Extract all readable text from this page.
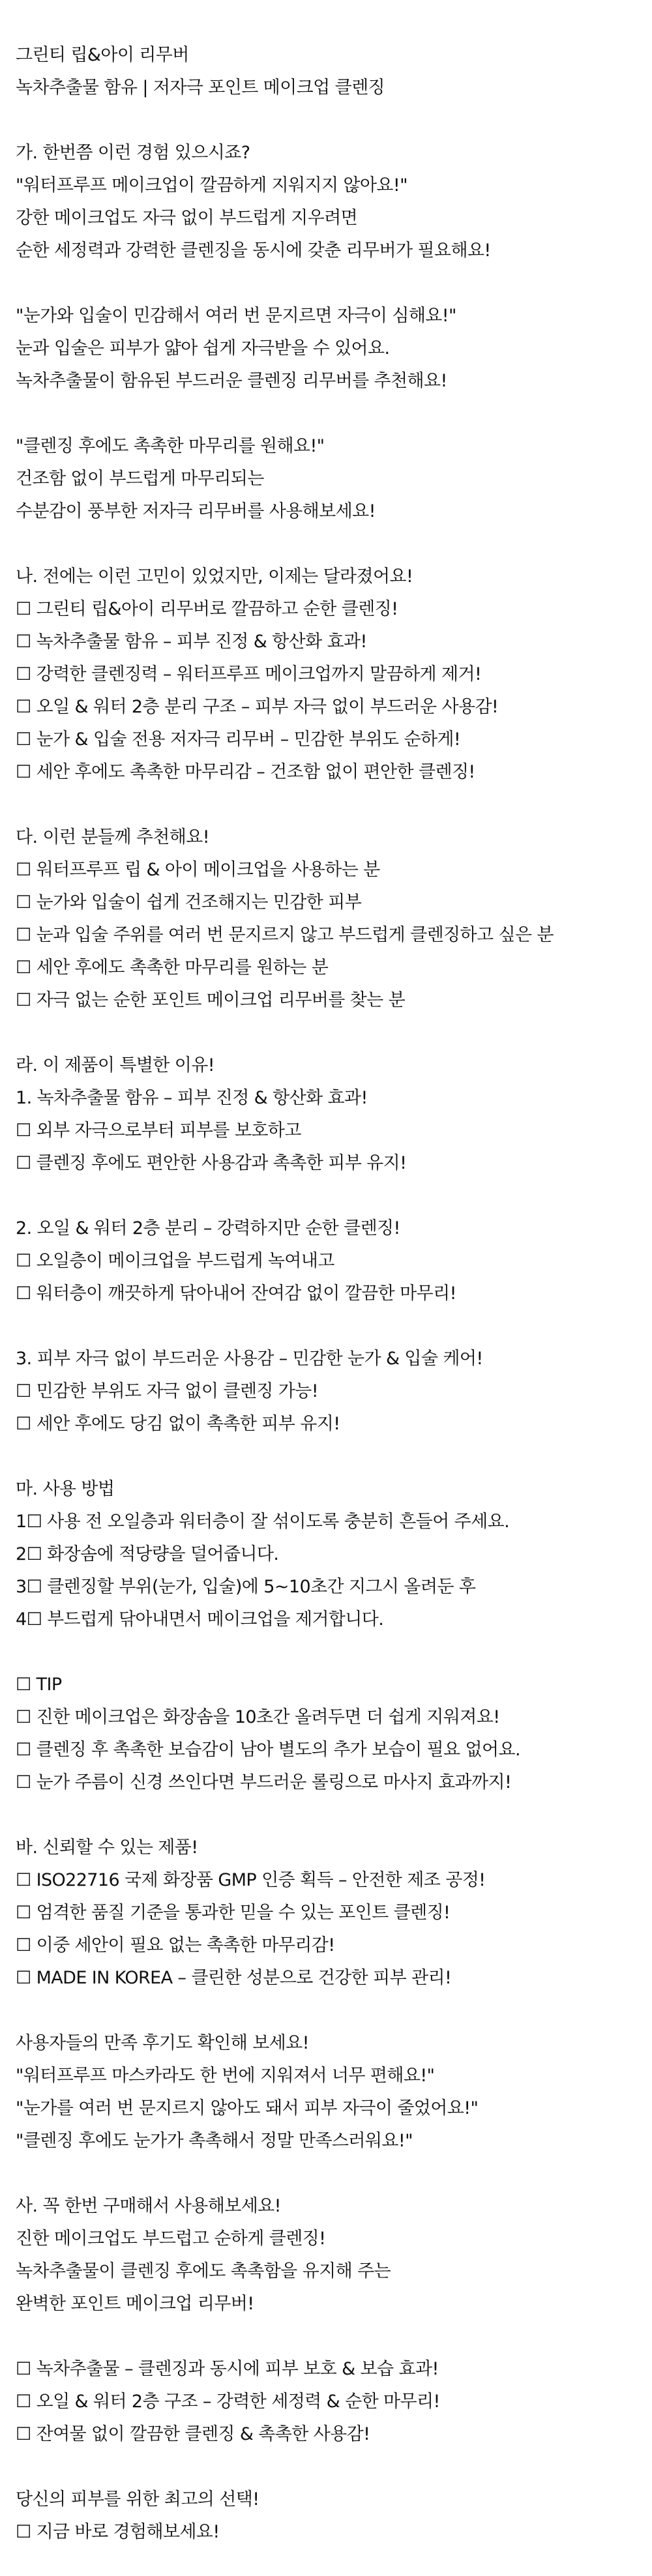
그린티 립&아이 리무버
녹차추출물 함유 | 저자극 포인트 메이크업 클렌징
가. 한번쯤 이런 경험 있으시죠?
"워터프루프 메이크업이 깔끔하게 지워지지 않아요!"
강한 메이크업도 자극 없이 부드럽게 지우려면
순한 세정력과 강력한 클렌징을 동시에 갖춘 리무버가 필요해요!
"눈가와 입술이 민감해서 여러 번 문지르면 자극이 심해요!"
눈과 입술은 피부가 얇아 쉽게 자극받을 수 있어요.
녹차추출물이 함유된 부드러운 클렌징 리무버를 추천해요!
"클렌징 후에도 촉촉한 마무리를 원해요!"
건조함 없이 부드럽게 마무리되는
수분감이 풍부한 저자극 리무버를 사용해보세요!
나. 전에는 이런 고민이 있었지만, 이제는 달라졌어요!
☐ 그린티 립&아이 리무버로 깔끔하고 순한 클렌징!
☐ 녹차추출물 함유 – 피부 진정 & 항산화 효과!
☐ 강력한 클렌징력 – 워터프루프 메이크업까지 말끔하게 제거!
☐ 오일 & 워터 2층 분리 구조 – 피부 자극 없이 부드러운 사용감!
☐ 눈가 & 입술 전용 저자극 리무버 – 민감한 부위도 순하게!
☐ 세안 후에도 촉촉한 마무리감 – 건조함 없이 편안한 클렌징!
다. 이런 분들께 추천해요!
☐ 워터프루프 립 & 아이 메이크업을 사용하는 분
☐ 눈가와 입술이 쉽게 건조해지는 민감한 피부
☐ 눈과 입술 주위를 여러 번 문지르지 않고 부드럽게 클렌징하고 싶은 분
☐ 세안 후에도 촉촉한 마무리를 원하는 분
☐ 자극 없는 순한 포인트 메이크업 리무버를 찾는 분
라. 이 제품이 특별한 이유!
1. 녹차추출물 함유 – 피부 진정 & 항산화 효과!
☐ 외부 자극으로부터 피부를 보호하고
☐ 클렌징 후에도 편안한 사용감과 촉촉한 피부 유지!
2. 오일 & 워터 2층 분리 – 강력하지만 순한 클렌징!
☐ 오일층이 메이크업을 부드럽게 녹여내고
☐ 워터층이 깨끗하게 닦아내어 잔여감 없이 깔끔한 마무리!
3. 피부 자극 없이 부드러운 사용감 – 민감한 눈가 & 입술 케어!
☐ 민감한 부위도 자극 없이 클렌징 가능!
☐ 세안 후에도 당김 없이 촉촉한 피부 유지!
마. 사용 방법
1☐ 사용 전 오일층과 워터층이 잘 섞이도록 충분히 흔들어 주세요.
2☐ 화장솜에 적당량을 덜어줍니다.
3☐ 클렌징할 부위(눈가, 입술)에 5~10초간 지그시 올려둔 후
4☐ 부드럽게 닦아내면서 메이크업을 제거합니다.
☐ TIP
☐ 진한 메이크업은 화장솜을 10초간 올려두면 더 쉽게 지워져요!
☐ 클렌징 후 촉촉한 보습감이 남아 별도의 추가 보습이 필요 없어요.
☐ 눈가 주름이 신경 쓰인다면 부드러운 롤링으로 마사지 효과까지!
바. 신뢰할 수 있는 제품!
☐ ISO22716 국제 화장품 GMP 인증 획득 – 안전한 제조 공정!
☐ 엄격한 품질 기준을 통과한 믿을 수 있는 포인트 클렌징!
☐ 이중 세안이 필요 없는 촉촉한 마무리감!
☐ MADE IN KOREA – 클린한 성분으로 건강한 피부 관리!
사용자들의 만족 후기도 확인해 보세요!
"워터프루프 마스카라도 한 번에 지워져서 너무 편해요!"
"눈가를 여러 번 문지르지 않아도 돼서 피부 자극이 줄었어요!"
"클렌징 후에도 눈가가 촉촉해서 정말 만족스러워요!"
사. 꼭 한번 구매해서 사용해보세요!
진한 메이크업도 부드럽고 순하게 클렌징!
녹차추출물이 클렌징 후에도 촉촉함을 유지해 주는
완벽한 포인트 메이크업 리무버!
☐ 녹차추출물 – 클렌징과 동시에 피부 보호 & 보습 효과!
☐ 오일 & 워터 2층 구조 – 강력한 세정력 & 순한 마무리!
☐ 잔여물 없이 깔끔한 클렌징 & 촉촉한 사용감!
당신의 피부를 위한 최고의 선택!
☐ 지금 바로 경험해보세요!
